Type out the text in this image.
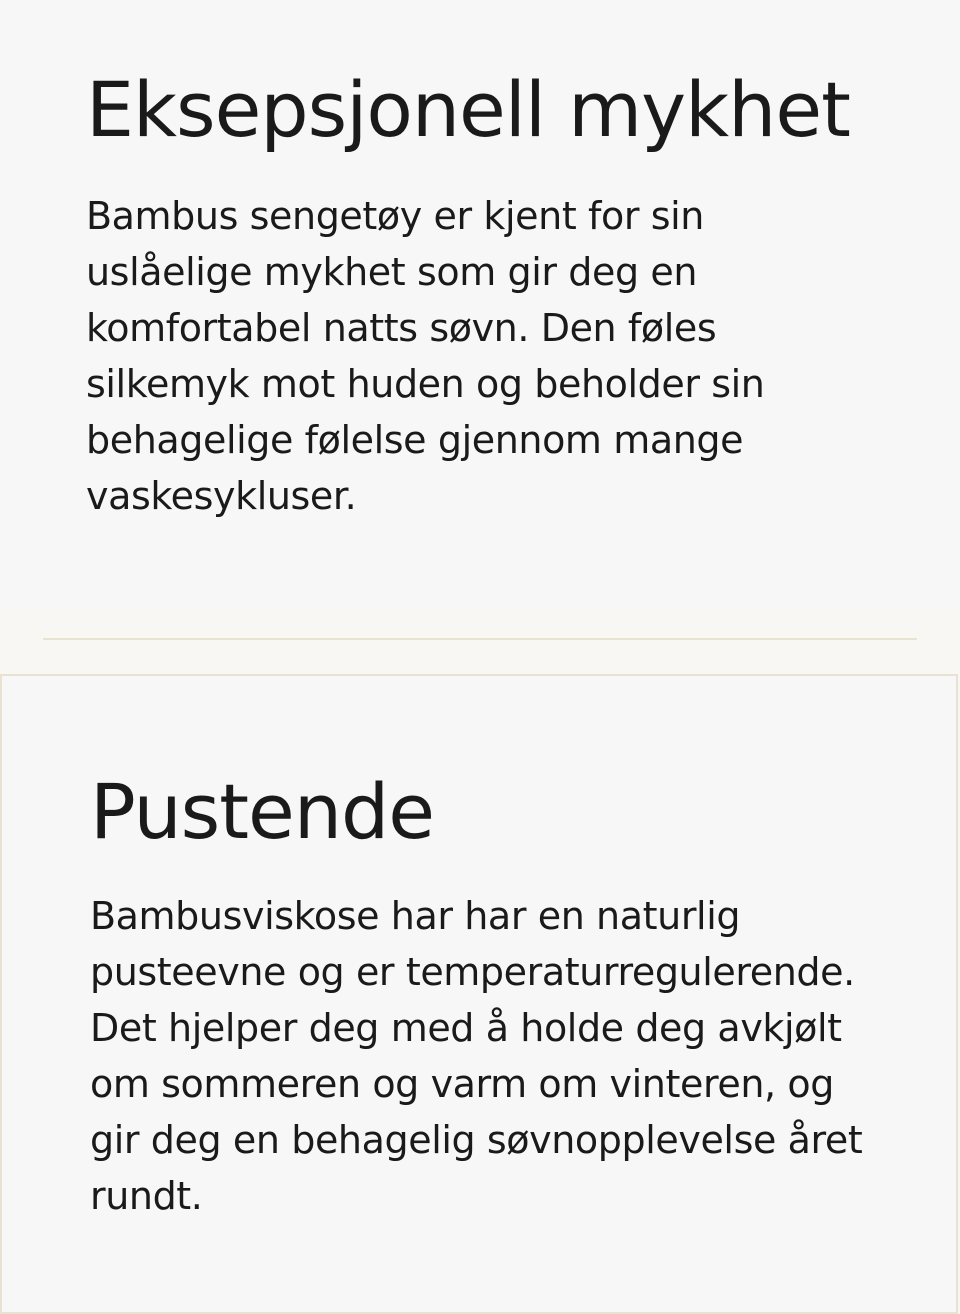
Eksepsjonell mykhet

Bambus sengetøy er kjent for sin uslåelige mykhet som gir deg en komfortabel natts søvn. Den føles silkemyk mot huden og beholder sin behagelige følelse gjennom mange vaskesykluser.

Pustende

Bambusviskose har har en naturlig pusteevne og er temperaturregulerende. Det hjelper deg med å holde deg avkjølt om sommeren og varm om vinteren, og gir deg en behagelig søvnopplevelse året rundt.
